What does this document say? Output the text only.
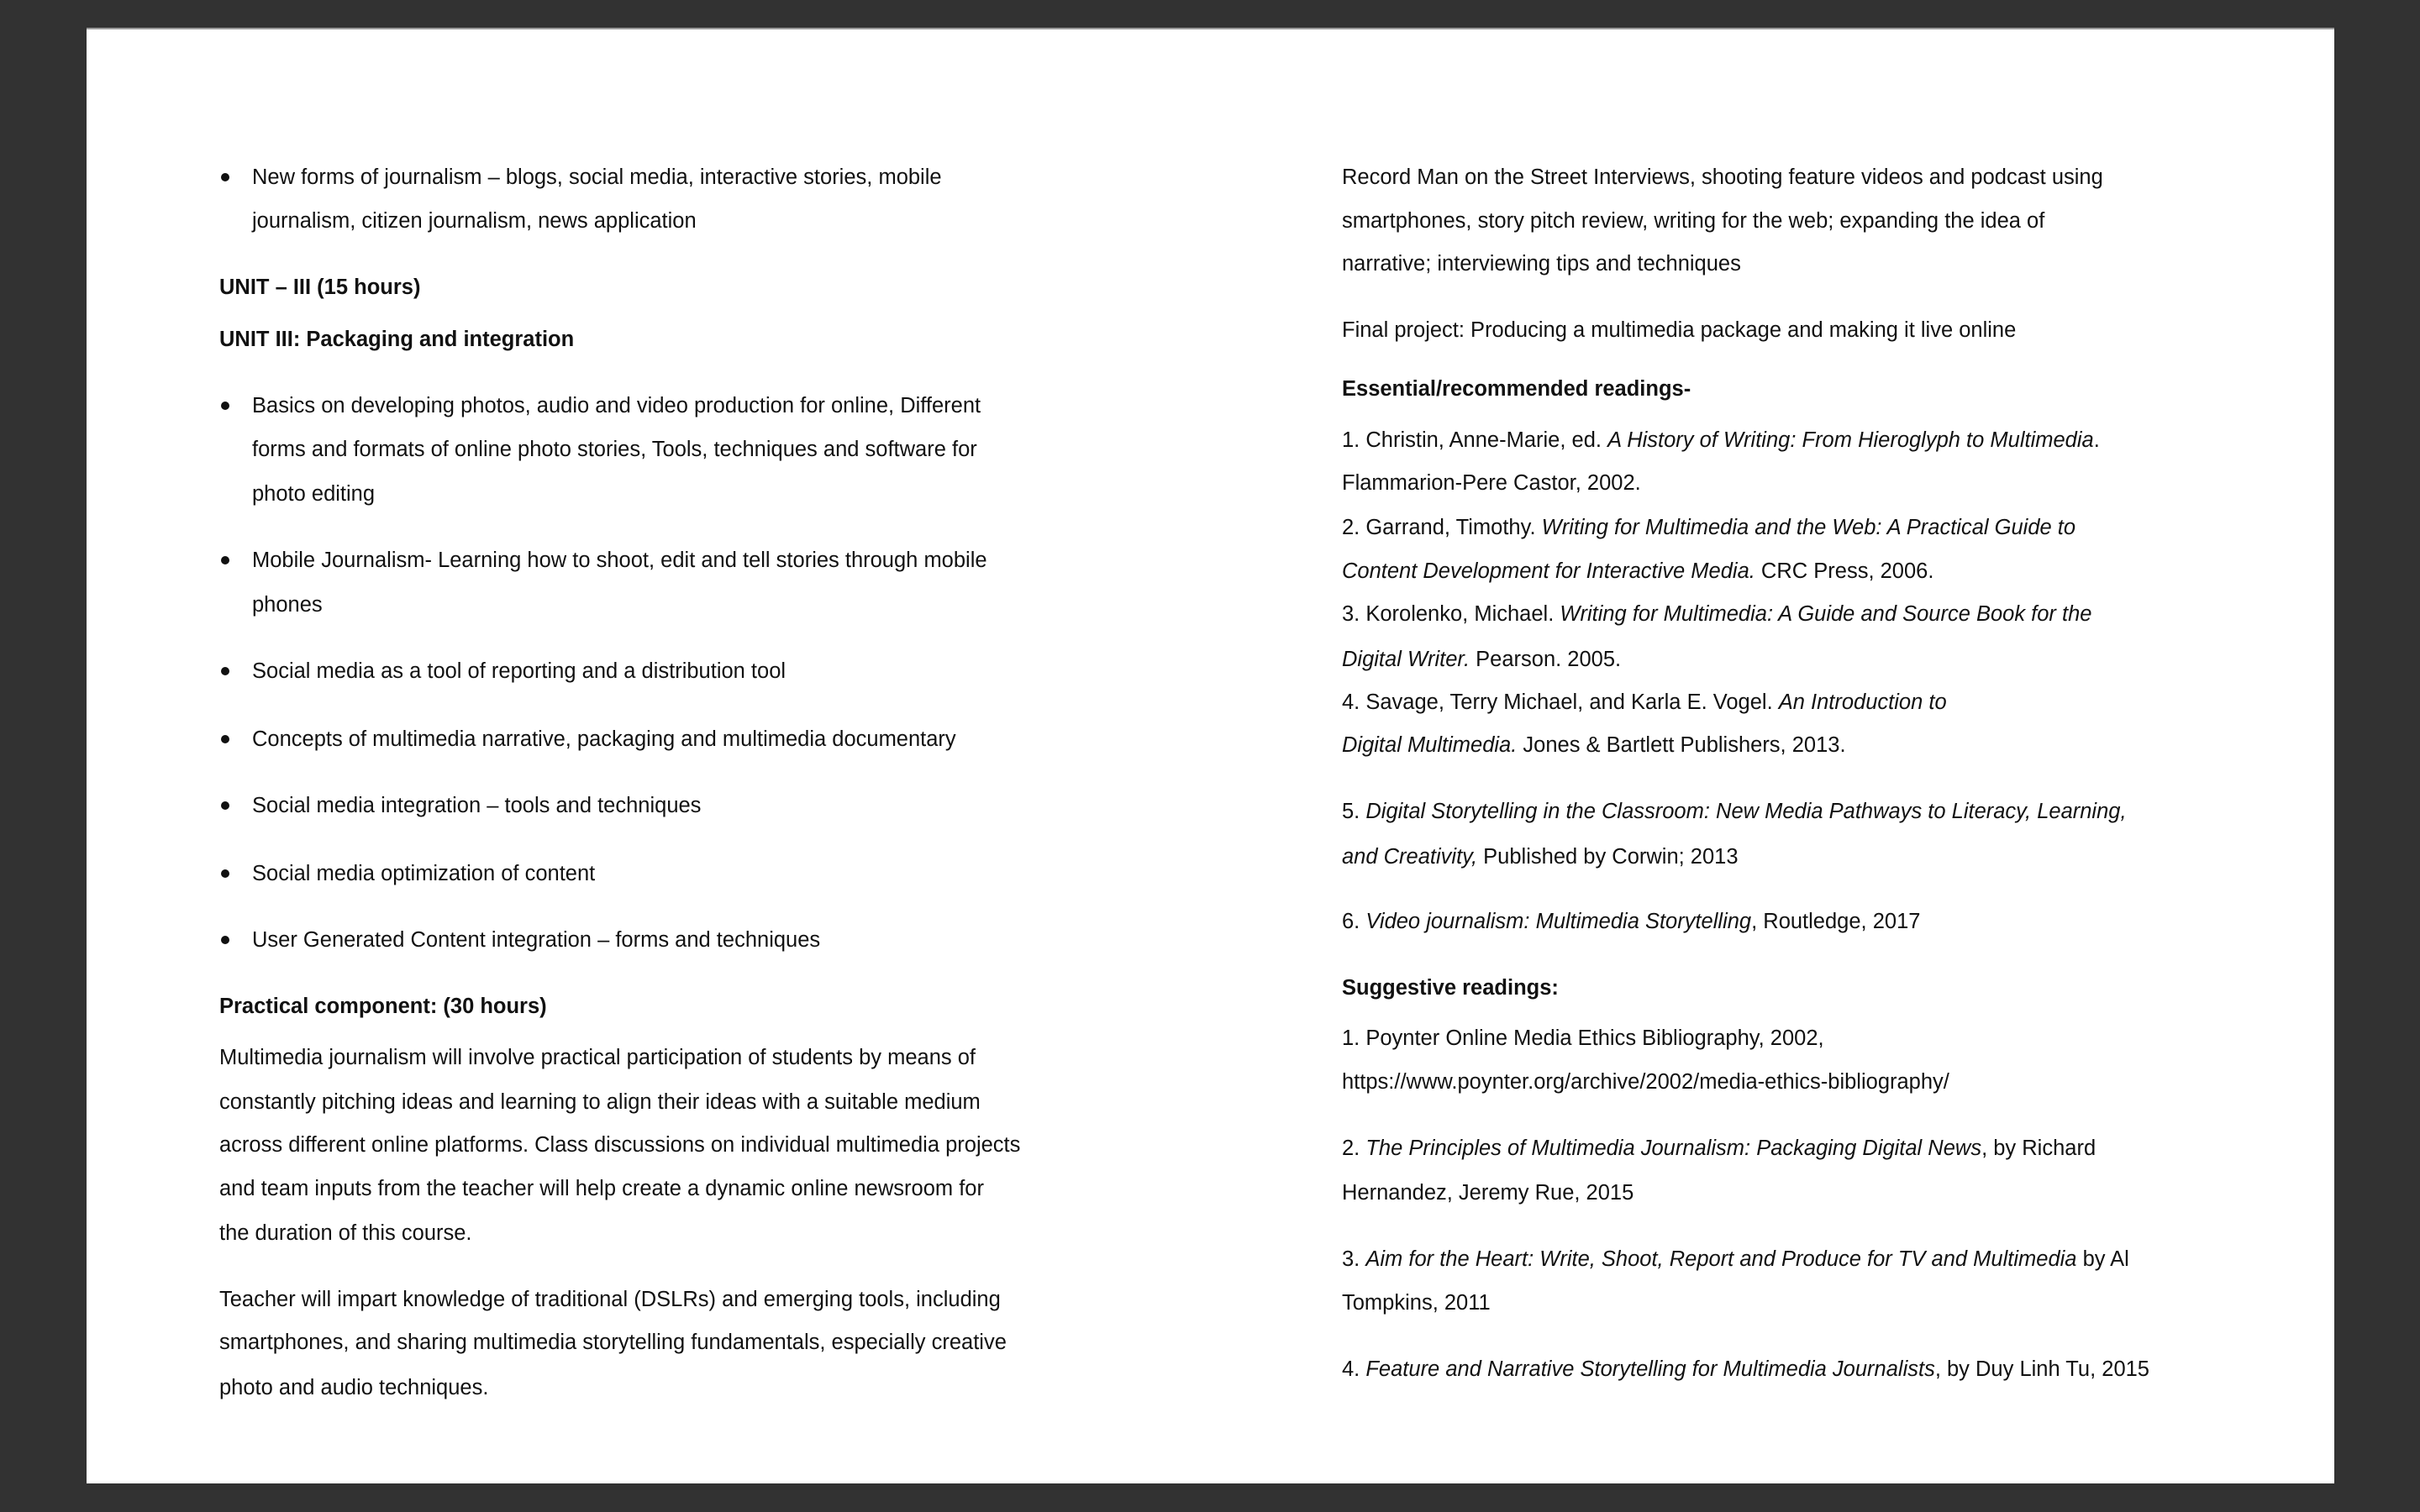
New forms of journalism – blogs, social media, interactive stories, mobile
journalism, citizen journalism, news application
UNIT – III (15 hours)
UNIT III: Packaging and integration
Basics on developing photos, audio and video production for online, Different
forms and formats of online photo stories, Tools, techniques and software for
photo editing
Mobile Journalism- Learning how to shoot, edit and tell stories through mobile
phones
Social media as a tool of reporting and a distribution tool
Concepts of multimedia narrative, packaging and multimedia documentary
Social media integration – tools and techniques
Social media optimization of content
User Generated Content integration – forms and techniques
Practical component: (30 hours)
Multimedia journalism will involve practical participation of students by means of
constantly pitching ideas and learning to align their ideas with a suitable medium
across different online platforms. Class discussions on individual multimedia projects
and team inputs from the teacher will help create a dynamic online newsroom for
the duration of this course.
Teacher will impart knowledge of traditional (DSLRs) and emerging tools, including
smartphones, and sharing multimedia storytelling fundamentals, especially creative
photo and audio techniques.
Record Man on the Street Interviews, shooting feature videos and podcast using
smartphones, story pitch review, writing for the web; expanding the idea of
narrative; interviewing tips and techniques
Final project: Producing a multimedia package and making it live online
Essential/recommended readings-
1. Christin, Anne-Marie, ed. A History of Writing: From Hieroglyph to Multimedia.
Flammarion-Pere Castor, 2002.
2. Garrand, Timothy. Writing for Multimedia and the Web: A Practical Guide to
Content Development for Interactive Media. CRC Press, 2006.
3. Korolenko, Michael. Writing for Multimedia: A Guide and Source Book for the
Digital Writer. Pearson. 2005.
4. Savage, Terry Michael, and Karla E. Vogel. An Introduction to
Digital Multimedia. Jones & Bartlett Publishers, 2013.
5. Digital Storytelling in the Classroom: New Media Pathways to Literacy, Learning,
and Creativity, Published by Corwin; 2013
6. Video journalism: Multimedia Storytelling, Routledge, 2017
Suggestive readings:
1. Poynter Online Media Ethics Bibliography, 2002,
https://www.poynter.org/archive/2002/media-ethics-bibliography/
2. The Principles of Multimedia Journalism: Packaging Digital News, by Richard
Hernandez, Jeremy Rue, 2015
3. Aim for the Heart: Write, Shoot, Report and Produce for TV and Multimedia by Al
Tompkins, 2011
4. Feature and Narrative Storytelling for Multimedia Journalists, by Duy Linh Tu, 2015
